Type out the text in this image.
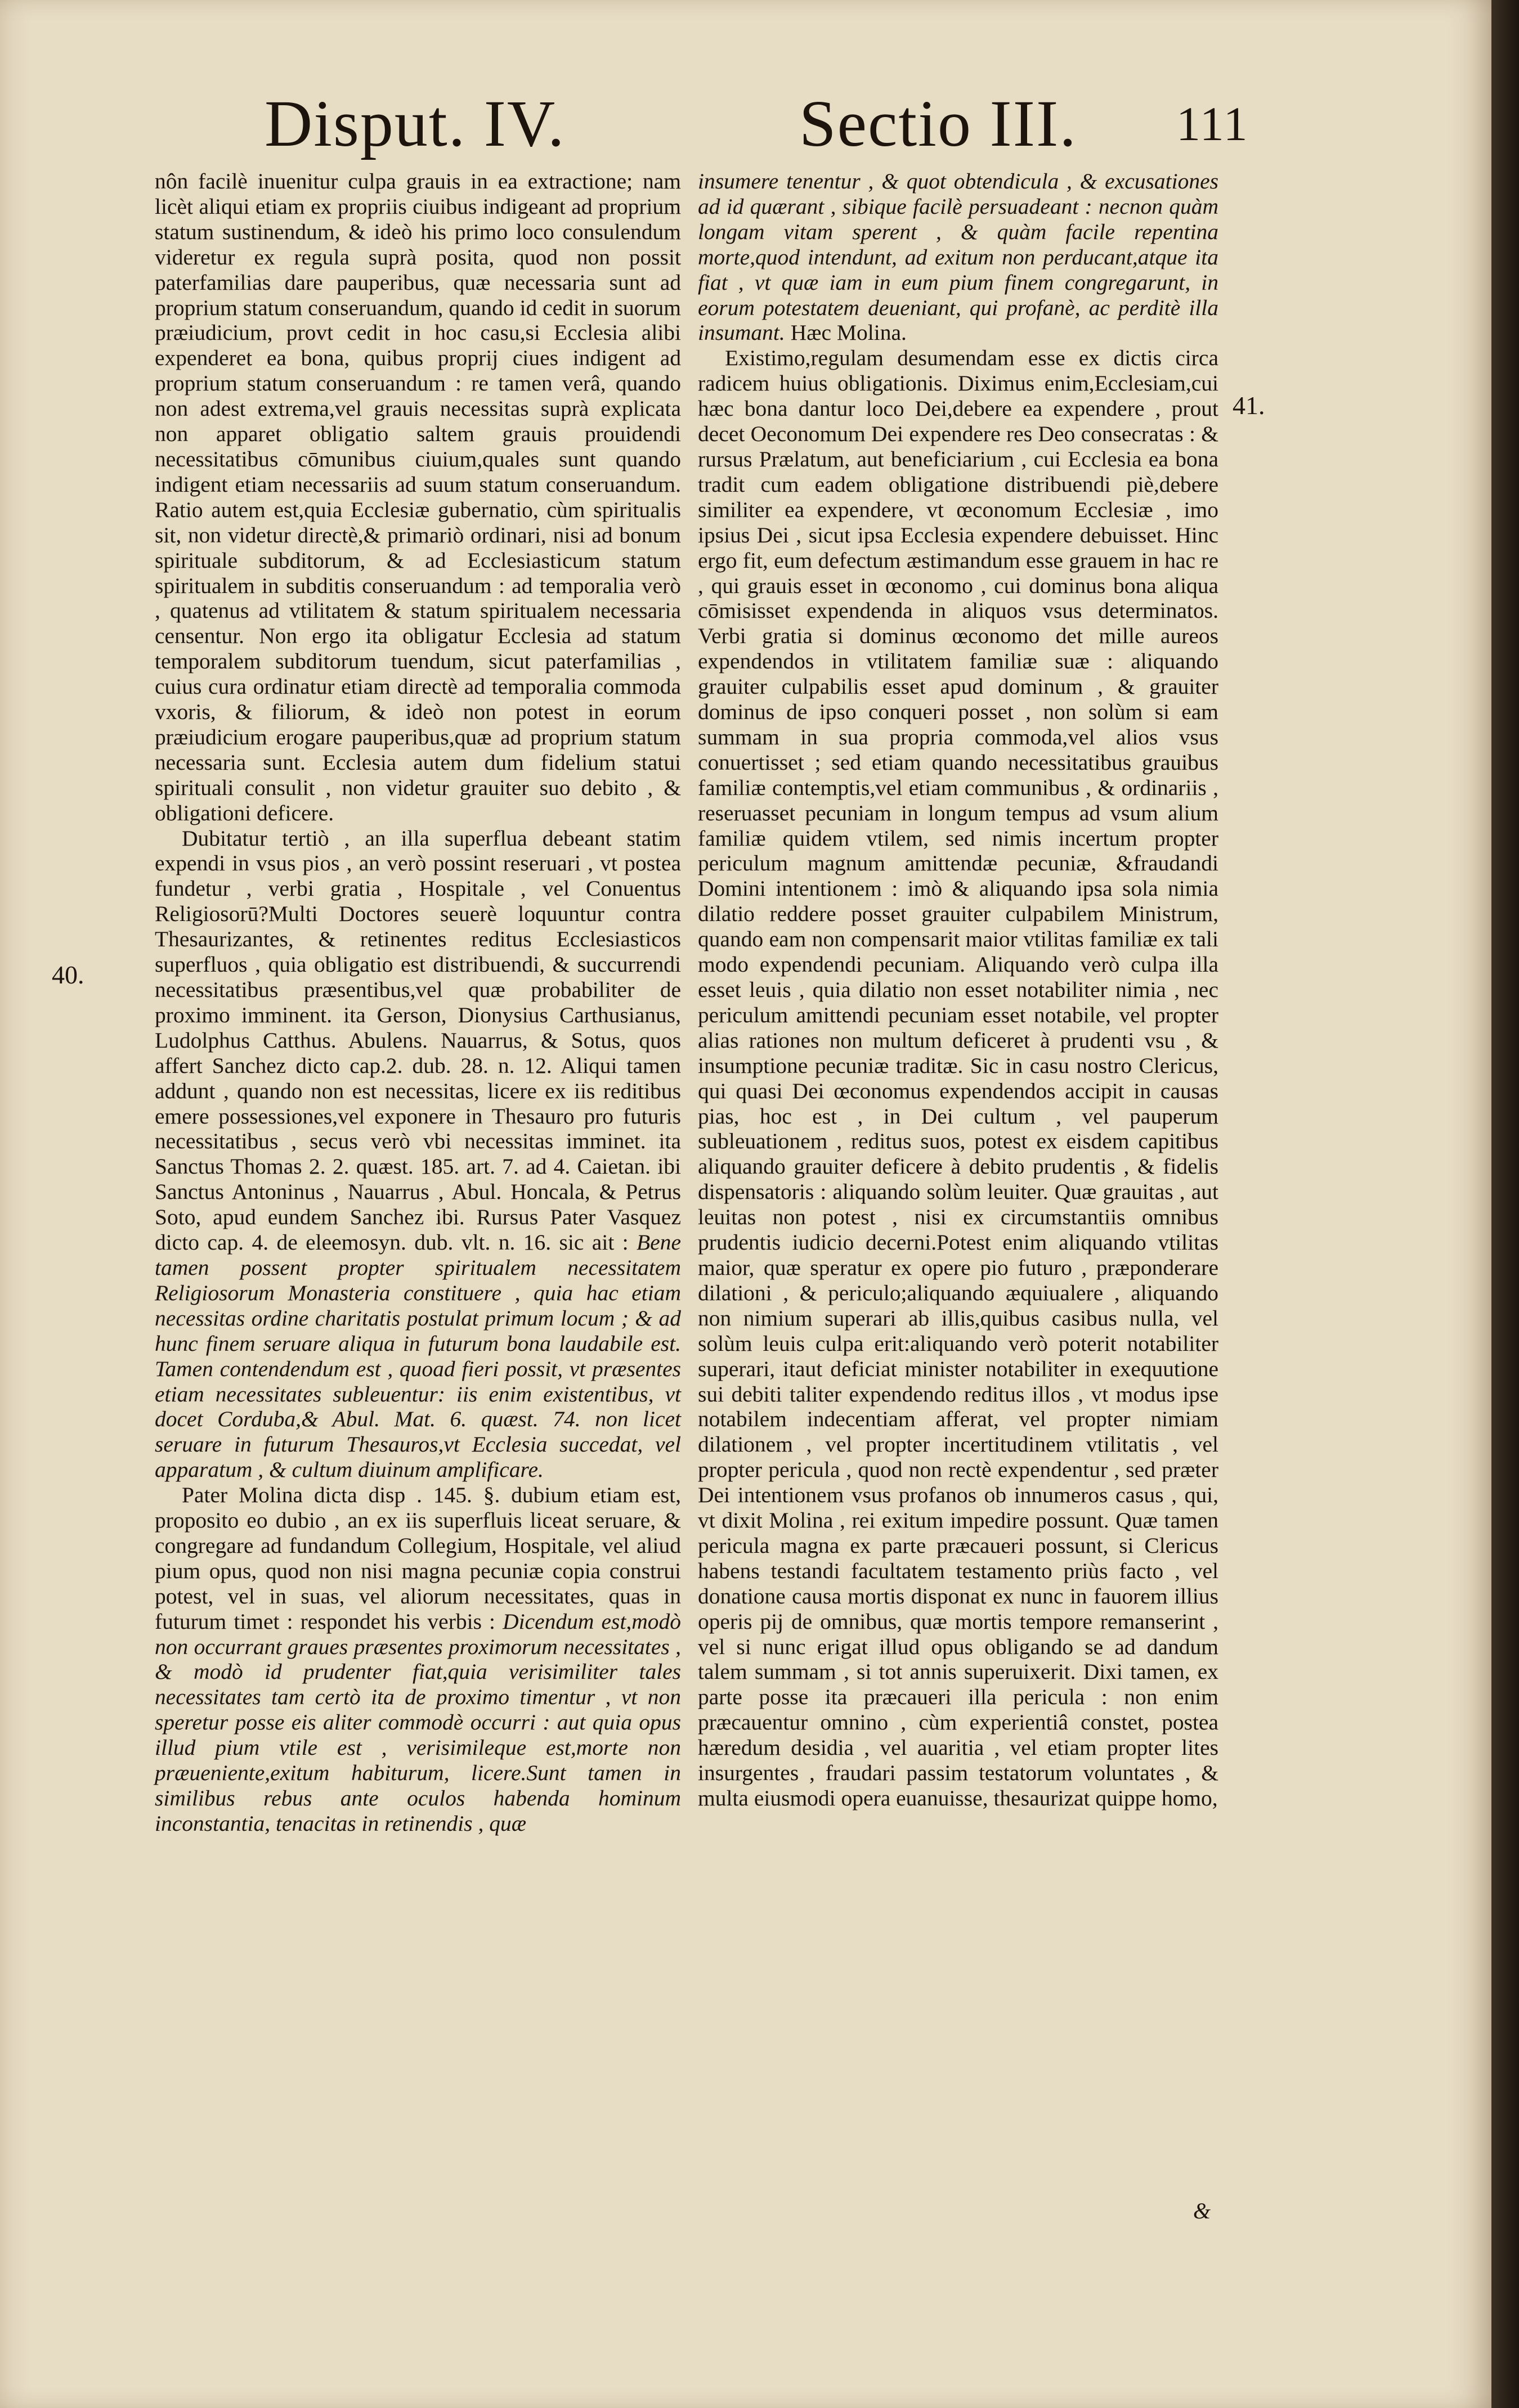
Disput. IV.	Sectio III. 111
40.
41.

nôn facilè inuenitur culpa grauis in ea extractione; nam licèt aliqui etiam ex propriis ciuibus indigeant ad proprium statum sustinendum, & ideò his primo loco consulendum videretur ex regula suprà posita, quod non possit paterfamilias dare pauperibus, quæ necessaria sunt ad proprium statum conseruandum, quando id cedit in suorum præiudicium, provt cedit in hoc casu,si Ecclesia alibi expenderet ea bona, quibus proprij ciues indigent ad proprium statum conseruandum : re tamen verâ, quando non adest extrema,vel grauis necessitas suprà explicata non apparet obligatio saltem grauis prouidendi necessitatibus cōmunibus ciuium,quales sunt quando indigent etiam necessariis ad suum statum conseruandum. Ratio autem est,quia Ecclesiæ gubernatio, cùm spiritualis sit, non videtur directè,& primariò ordinari, nisi ad bonum spirituale subditorum, & ad Ecclesiasticum statum spiritualem in subditis conseruandum : ad temporalia verò , quatenus ad vtilitatem & statum spiritualem necessaria censentur. Non ergo ita obligatur Ecclesia ad statum temporalem subditorum tuendum, sicut paterfamilias , cuius cura ordinatur etiam directè ad temporalia commoda vxoris, & filiorum, & ideò non potest in eorum præiudicium erogare pauperibus,quæ ad proprium statum necessaria sunt. Ecclesia autem dum fidelium statui spirituali consulit , non videtur grauiter suo debito , & obligationi deficere.

Dubitatur tertiò , an illa superflua debeant statim expendi in vsus pios , an verò possint reseruari , vt postea fundetur , verbi gratia , Hospitale , vel Conuentus Religiosorū?Multi Doctores seuerè loquuntur contra Thesaurizantes, & retinentes reditus Ecclesiasticos superfluos , quia obligatio est distribuendi, & succurrendi necessitatibus præsentibus,vel quæ probabiliter de proximo imminent. ita Gerson, Dionysius Carthusianus, Ludolphus Catthus. Abulens. Nauarrus, & Sotus, quos affert Sanchez dicto cap.2. dub. 28. n. 12. Aliqui tamen addunt , quando non est necessitas, licere ex iis reditibus emere possessiones,vel exponere in Thesauro pro futuris necessitatibus , secus verò vbi necessitas imminet. ita Sanctus Thomas 2. 2. quæst. 185. art. 7. ad 4. Caietan. ibi Sanctus Antoninus , Nauarrus , Abul. Honcala, & Petrus Soto, apud eundem Sanchez ibi. Rursus Pater Vasquez dicto cap. 4. de eleemosyn. dub. vlt. n. 16. sic ait : Bene tamen possent propter spiritualem necessitatem Religiosorum Monasteria constituere , quia hac etiam necessitas ordine charitatis postulat primum locum ; & ad hunc finem seruare aliqua in futurum bona laudabile est. Tamen contendendum est , quoad fieri possit, vt præsentes etiam necessitates subleuentur: iis enim existentibus, vt docet Corduba,& Abul. Mat. 6. quæst. 74. non licet seruare in futurum Thesauros,vt Ecclesia succedat, vel apparatum , & cultum diuinum amplificare.

Pater Molina dicta disp . 145. §. dubium etiam est, proposito eo dubio , an ex iis superfluis liceat seruare, & congregare ad fundandum Collegium, Hospitale, vel aliud pium opus, quod non nisi magna pecuniæ copia construi potest, vel in suas, vel aliorum necessitates, quas in futurum timet : respondet his verbis : Dicendum est,modò non occurrant graues præsentes proximorum necessitates , & modò id prudenter fiat,quia verisimiliter tales necessitates tam certò ita de proximo timentur , vt non speretur posse eis aliter commodè occurri : aut quia opus illud pium vtile est , verisimileque est,morte non præueniente,exitum habiturum, licere.Sunt tamen in similibus rebus ante oculos habenda hominum inconstantia, tenacitas in retinendis , quæ

insumere tenentur , & quot obtendicula , & excusationes ad id quærant , sibique facilè persuadeant : necnon quàm longam vitam sperent , & quàm facile repentina morte,quod intendunt, ad exitum non perducant,atque ita fiat , vt quæ iam in eum pium finem congregarunt, in eorum potestatem deueniant, qui profanè, ac perditè illa insumant. Hæc Molina.

Existimo,regulam desumendam esse ex dictis circa radicem huius obligationis. Diximus enim,Ecclesiam,cui hæc bona dantur loco Dei,debere ea expendere , prout decet Oeconomum Dei expendere res Deo consecratas : & rursus Prælatum, aut beneficiarium , cui Ecclesia ea bona tradit cum eadem obligatione distribuendi piè,debere similiter ea expendere, vt œconomum Ecclesiæ , imo ipsius Dei , sicut ipsa Ecclesia expendere debuisset. Hinc ergo fit, eum defectum æstimandum esse grauem in hac re , qui grauis esset in œconomo , cui dominus bona aliqua cōmisisset expendenda in aliquos vsus determinatos. Verbi gratia si dominus œconomo det mille aureos expendendos in vtilitatem familiæ suæ : aliquando grauiter culpabilis esset apud dominum , & grauiter dominus de ipso conqueri posset , non solùm si eam summam in sua propria commoda,vel alios vsus conuertisset ; sed etiam quando necessitatibus grauibus familiæ contemptis,vel etiam communibus , & ordinariis , reseruasset pecuniam in longum tempus ad vsum alium familiæ quidem vtilem, sed nimis incertum propter periculum magnum amittendæ pecuniæ, &fraudandi Domini intentionem : imò & aliquando ipsa sola nimia dilatio reddere posset grauiter culpabilem Ministrum, quando eam non compensarit maior vtilitas familiæ ex tali modo expendendi pecuniam. Aliquando verò culpa illa esset leuis , quia dilatio non esset notabiliter nimia , nec periculum amittendi pecuniam esset notabile, vel propter alias rationes non multum deficeret à prudenti vsu , & insumptione pecuniæ traditæ. Sic in casu nostro Clericus, qui quasi Dei œconomus expendendos accipit in causas pias, hoc est , in Dei cultum , vel pauperum subleuationem , reditus suos, potest ex eisdem capitibus aliquando grauiter deficere à debito prudentis , & fidelis dispensatoris : aliquando solùm leuiter. Quæ grauitas , aut leuitas non potest , nisi ex circumstantiis omnibus prudentis iudicio decerni.Potest enim aliquando vtilitas maior, quæ speratur ex opere pio futuro , præponderare dilationi , & periculo;aliquando æquiualere , aliquando non nimium superari ab illis,quibus casibus nulla, vel solùm leuis culpa erit:aliquando verò poterit notabiliter superari, itaut deficiat minister notabiliter in exequutione sui debiti taliter expendendo reditus illos , vt modus ipse notabilem indecentiam afferat, vel propter nimiam dilationem , vel propter incertitudinem vtilitatis , vel propter pericula , quod non rectè expendentur , sed præter Dei intentionem vsus profanos ob innumeros casus , qui, vt dixit Molina , rei exitum impedire possunt. Quæ tamen pericula magna ex parte præcaueri possunt, si Clericus habens testandi facultatem testamento priùs facto , vel donatione causa mortis disponat ex nunc in fauorem illius operis pij de omnibus, quæ mortis tempore remanserint , vel si nunc erigat illud opus obligando se ad dandum talem summam , si tot annis superuixerit. Dixi tamen, ex parte posse ita præcaueri illa pericula : non enim præcauentur omnino , cùm experientiâ constet, postea hæredum desidia , vel auaritia , vel etiam propter lites insurgentes , fraudari passim testatorum voluntates , & multa eiusmodi opera euanuisse, thesaurizat quippe homo,

&
